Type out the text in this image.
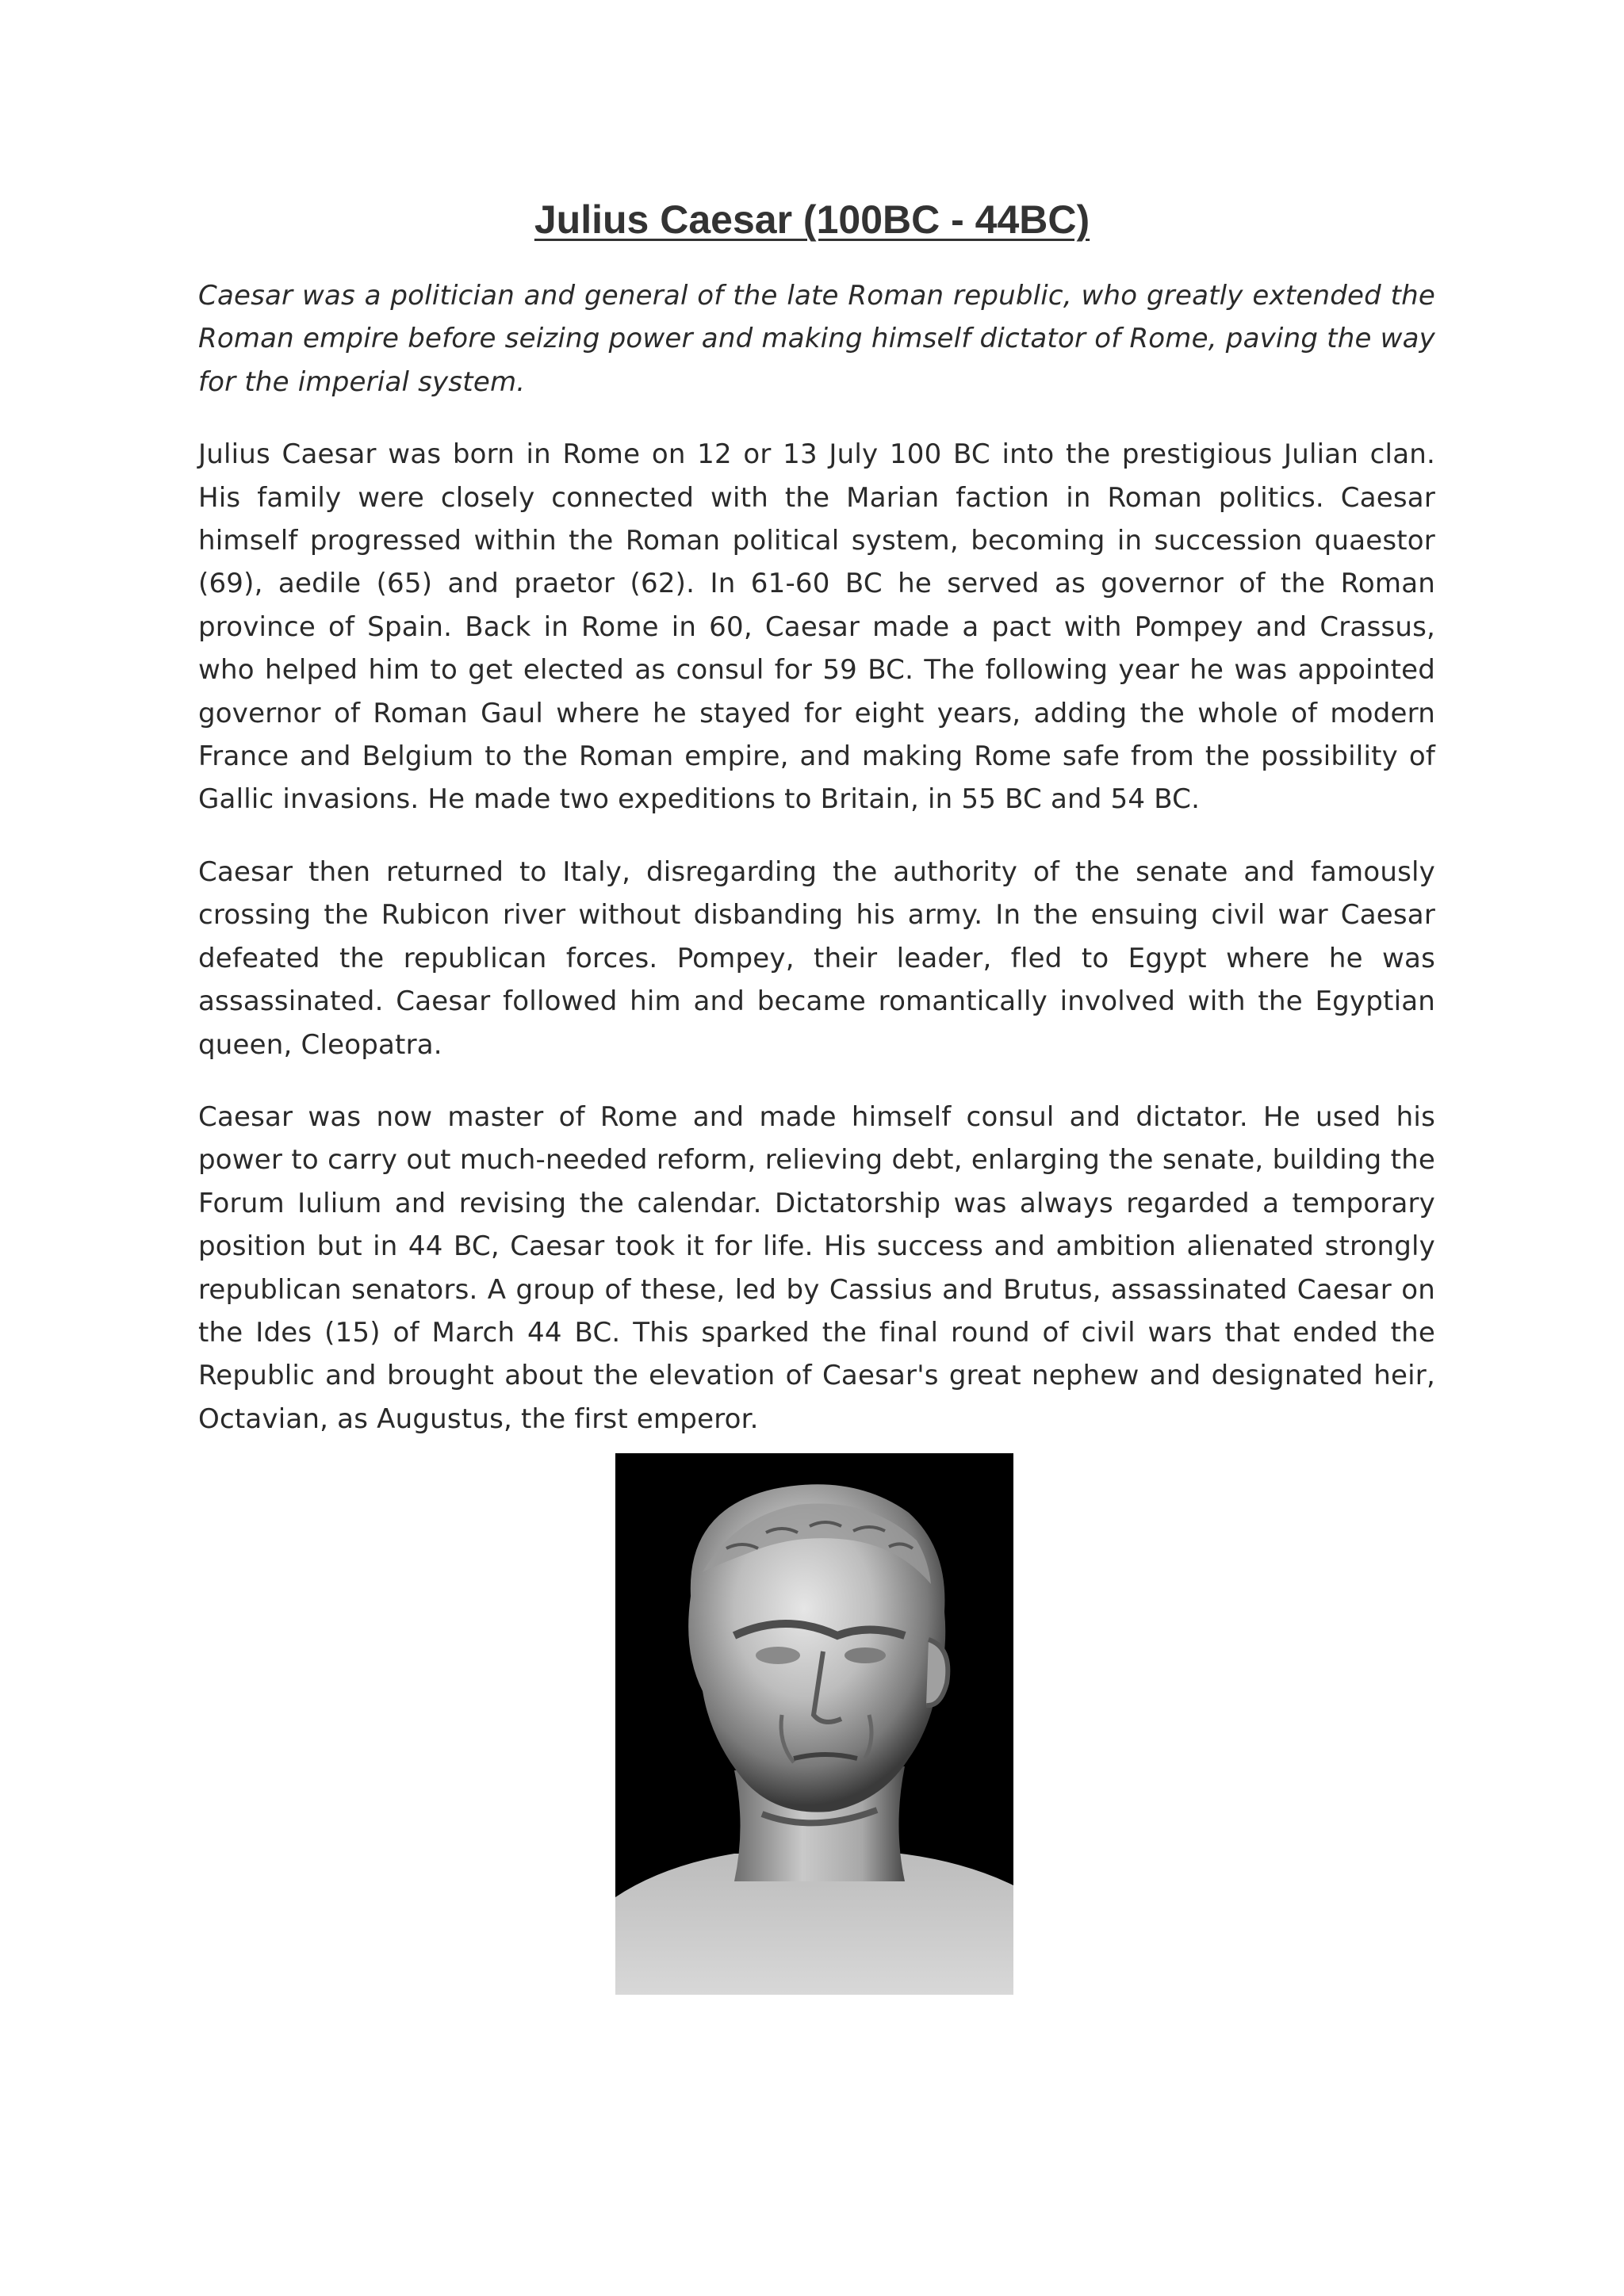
Julius Caesar (100BC - 44BC)

Caesar was a politician and general of the late Roman republic, who greatly extended the Roman empire before seizing power and making himself dictator of Rome, paving the way for the imperial system.

Julius Caesar was born in Rome on 12 or 13 July 100 BC into the prestigious Julian clan. His family were closely connected with the Marian faction in Roman politics. Caesar himself progressed within the Roman political system, becoming in succession quaestor (69), aedile (65) and praetor (62). In 61-60 BC he served as governor of the Roman province of Spain. Back in Rome in 60, Caesar made a pact with Pompey and Crassus, who helped him to get elected as consul for 59 BC. The following year he was appointed governor of Roman Gaul where he stayed for eight years, adding the whole of modern France and Belgium to the Roman empire, and making Rome safe from the possibility of Gallic invasions. He made two expeditions to Britain, in 55 BC and 54 BC.

Caesar then returned to Italy, disregarding the authority of the senate and famously crossing the Rubicon river without disbanding his army. In the ensuing civil war Caesar defeated the republican forces. Pompey, their leader, fled to Egypt where he was assassinated. Caesar followed him and became romantically involved with the Egyptian queen, Cleopatra.

Caesar was now master of Rome and made himself consul and dictator. He used his power to carry out much-needed reform, relieving debt, enlarging the senate, building the Forum Iulium and revising the calendar. Dictatorship was always regarded a temporary position but in 44 BC, Caesar took it for life. His success and ambition alienated strongly republican senators. A group of these, led by Cassius and Brutus, assassinated Caesar on the Ides (15) of March 44 BC. This sparked the final round of civil wars that ended the Republic and brought about the elevation of Caesar's great nephew and designated heir, Octavian, as Augustus, the first emperor.
